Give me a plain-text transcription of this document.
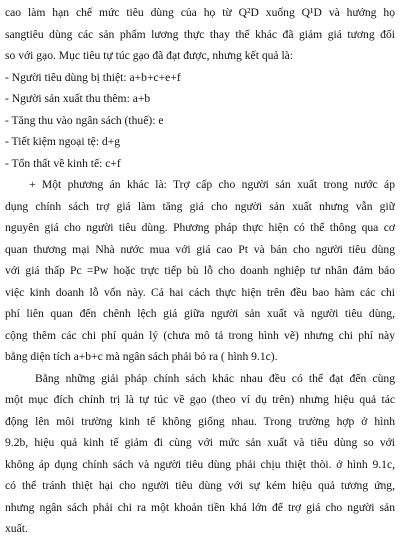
cao làm hạn chế mức tiêu dùng của họ từ Q²D xuống Q¹D và hướng họ
sangtiêu dùng các sản phẩm lương thực thay thế khác đã giảm giá tương đối
so với gạo. Mục tiêu tự túc gạo đã đạt được, nhưng kết quả là:
- Người tiêu dùng bị thiệt: a+b+c+e+f
- Người sản xuất thu thêm: a+b
- Tăng thu vào ngân sách (thuế): e
- Tiết kiệm ngoại tệ: d+g
- Tổn thất về kinh tế: c+f
+ Một phương án khác là: Trợ cấp cho người sản xuất trong nước áp
dụng chính sách trợ giá làm tăng giá cho người sản xuất nhưng vẫn giữ
nguyên giá cho người tiêu dùng. Phương pháp thực hiện có thể thông qua cơ
quan thương mại Nhà nước mua với giá cao Pt và bán cho người tiêu dùng
với giá thấp Pc =Pw hoặc trực tiếp bù lỗ cho doanh nghiệp tư nhân đảm bảo
việc kinh doanh lỗ vốn này. Cả hai cách thực hiện trên đều bao hàm các chi
phí liên quan đến chênh lệch giá giữa người sản xuất và người tiêu dùng,
cộng thêm các chi phí quản lý (chưa mô tả trong hình vẽ) nhưng chi phí này
bằng diện tích a+b+c mà ngân sách phải bỏ ra ( hình 9.1c).
Bằng những giải pháp chính sách khác nhau đều có thể đạt đến cùng
một mục đích chính trị là tự túc về gạo (theo ví dụ trên) nhưng hiệu quả tác
động lên môi trường kinh tế không giống nhau. Trong trường hợp ở hình
9.2b, hiệu quả kinh tế giảm đi cùng với mức sản xuất và tiêu dùng so với
không áp dụng chính sách và người tiêu dùng phải chịu thiệt thòi. ở hình 9.1c,
có thể tránh thiệt hại cho người tiêu dùng với sự kém hiệu quả tương ứng,
nhưng ngân sách phải chi ra một khoản tiền khá lớn để trợ giá cho người sản
xuất.
